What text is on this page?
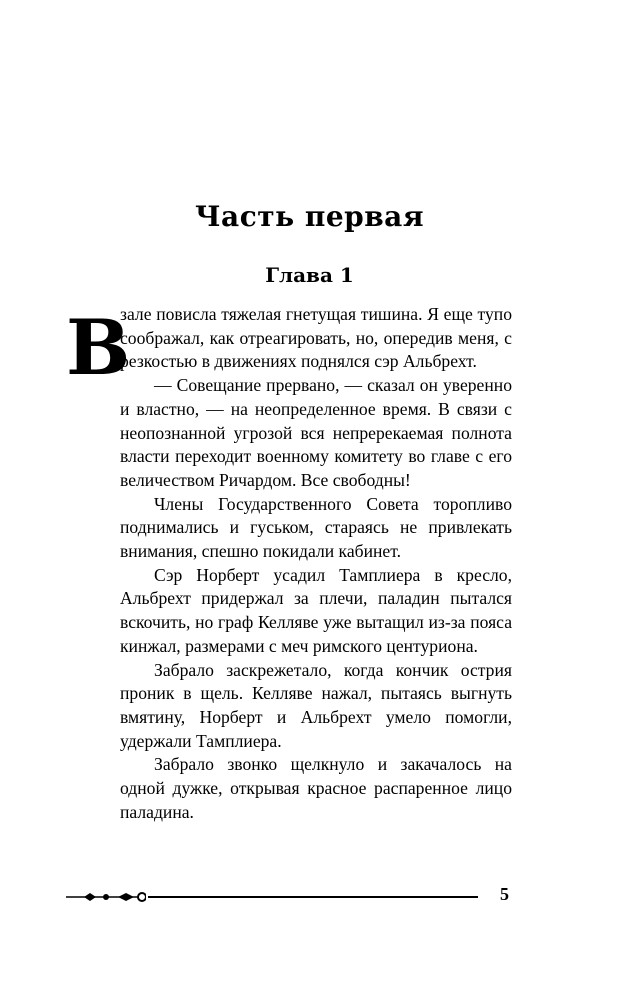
Часть первая
Глава 1
В

зале повисла тяжелая гнетущая тишина. Я еще тупо соображал, как отреагировать, но, опередив меня, с резкостью в движениях поднялся сэр Альбрехт.

— Совещание прервано, — сказал он уверенно и властно, — на неопределенное время. В связи с неопознанной угрозой вся непререкаемая полнота власти переходит военному комитету во главе с его величеством Ричардом. Все свободны!

Члены Государственного Совета торопливо поднимались и гуськом, стараясь не привлекать внимания, спешно покидали кабинет.

Сэр Норберт усадил Тамплиера в кресло, Альбрехт придержал за плечи, паладин пытался вскочить, но граф Келляве уже вытащил из-за пояса кинжал, размерами с меч римского центуриона.

Забрало заскрежетало, когда кончик острия проник в щель. Келляве нажал, пытаясь выгнуть вмятину, Норберт и Альбрехт умело помогли, удержали Тамплиера.

Забрало звонко щелкнуло и закачалось на одной дужке, открывая красное распаренное лицо паладина.

5
